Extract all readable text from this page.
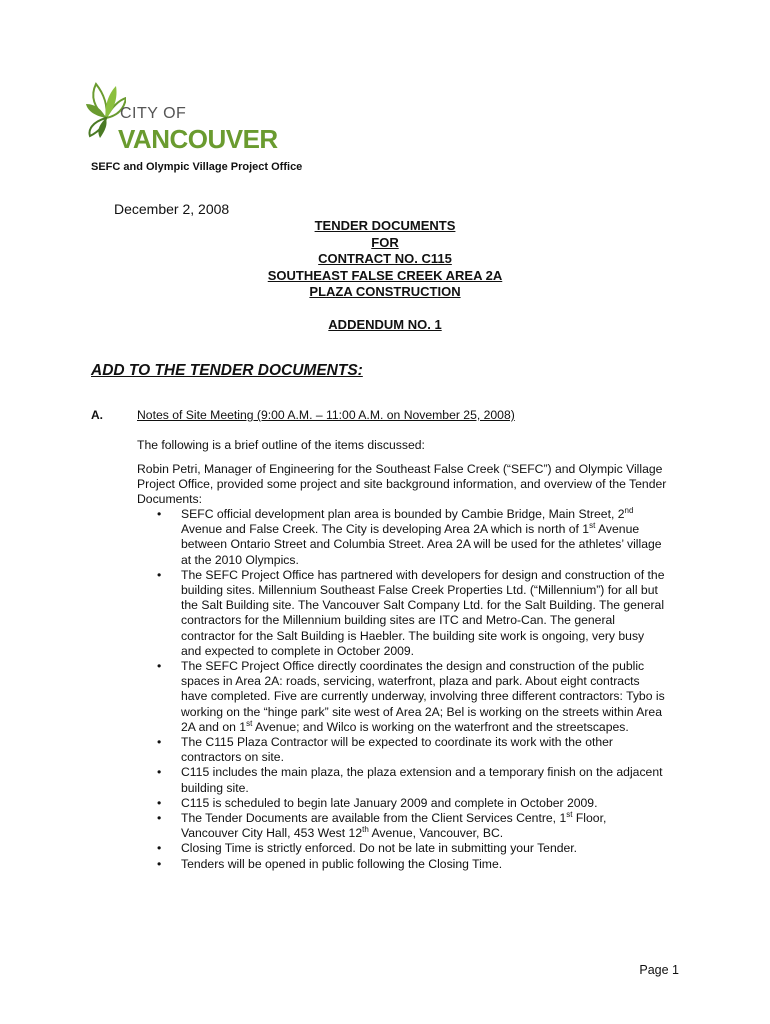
CITY OF
VANCOUVER
SEFC and Olympic Village Project Office
December 2, 2008
TENDER DOCUMENTS
FOR
CONTRACT NO. C115
SOUTHEAST FALSE CREEK AREA 2A
PLAZA CONSTRUCTION
ADDENDUM NO. 1
ADD TO THE TENDER DOCUMENTS:
A.	Notes of Site Meeting (9:00 A.M. – 11:00 A.M. on November 25, 2008)
The following is a brief outline of the items discussed:
Robin Petri, Manager of Engineering for the Southeast False Creek (“SEFC”) and Olympic Village Project Office, provided some project and site background information, and overview of the Tender Documents:
• SEFC official development plan area is bounded by Cambie Bridge, Main Street, 2nd Avenue and False Creek. The City is developing Area 2A which is north of 1st Avenue between Ontario Street and Columbia Street. Area 2A will be used for the athletes’ village at the 2010 Olympics.
• The SEFC Project Office has partnered with developers for design and construction of the building sites. Millennium Southeast False Creek Properties Ltd. (“Millennium”) for all but the Salt Building site. The Vancouver Salt Company Ltd. for the Salt Building. The general contractors for the Millennium building sites are ITC and Metro-Can. The general contractor for the Salt Building is Haebler. The building site work is ongoing, very busy and expected to complete in October 2009.
• The SEFC Project Office directly coordinates the design and construction of the public spaces in Area 2A: roads, servicing, waterfront, plaza and park. About eight contracts have completed. Five are currently underway, involving three different contractors: Tybo is working on the “hinge park” site west of Area 2A; Bel is working on the streets within Area 2A and on 1st Avenue; and Wilco is working on the waterfront and the streetscapes.
• The C115 Plaza Contractor will be expected to coordinate its work with the other contractors on site.
• C115 includes the main plaza, the plaza extension and a temporary finish on the adjacent building site.
• C115 is scheduled to begin late January 2009 and complete in October 2009.
• The Tender Documents are available from the Client Services Centre, 1st Floor, Vancouver City Hall, 453 West 12th Avenue, Vancouver, BC.
• Closing Time is strictly enforced. Do not be late in submitting your Tender.
• Tenders will be opened in public following the Closing Time.
Page 1
